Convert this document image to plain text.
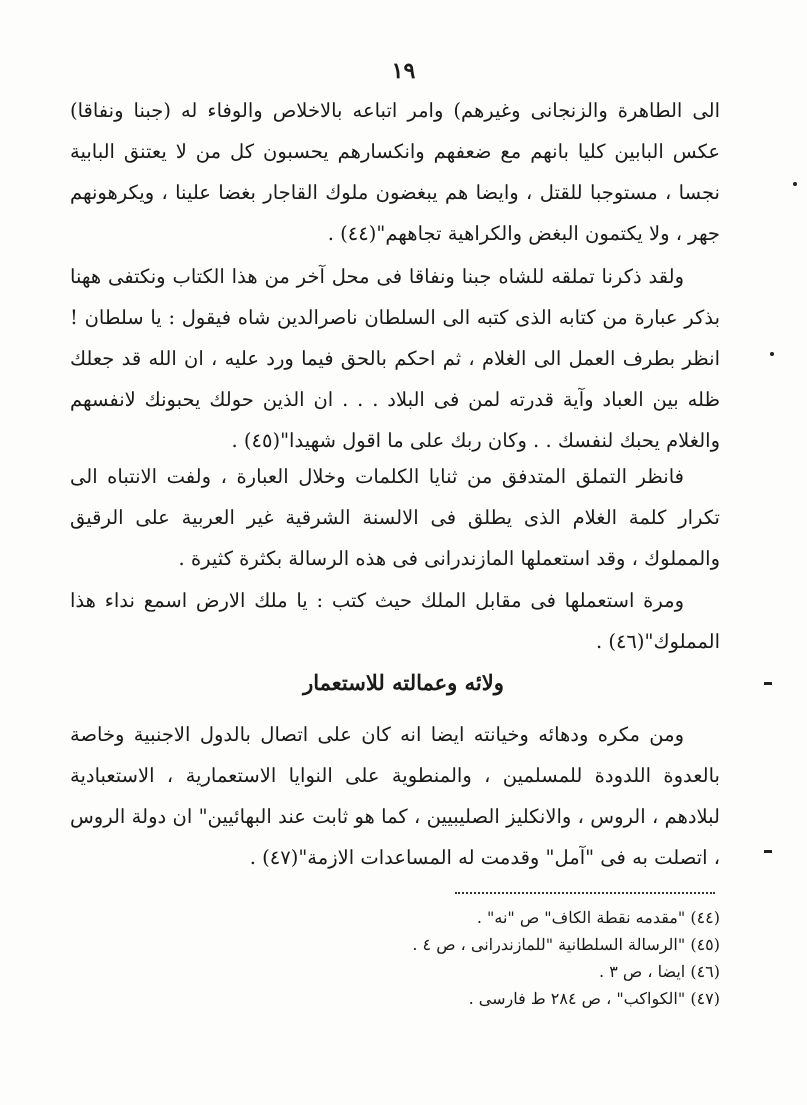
١٩
الى الطاهرة والزنجانى وغيرهم) وامر اتباعه بالاخلاص والوفاء له (جبنا ونفاقا) عكس البابين كليا بانهم مع ضعفهم وانكسارهم يحسبون كل من لا يعتنق البابية نجسا ، مستوجبا للقتل ، وايضا هم يبغضون ملوك القاجار بغضا علينا ، ويكرهونهم جهر ، ولا يكتمون البغض والكراهية تجاههم"(٤٤) .
ولقد ذكرنا تملقه للشاه جبنا ونفاقا فى محل آخر من هذا الكتاب ونكتفى ههنا بذكر عبارة من كتابه الذى كتبه الى السلطان ناصرالدين شاه فيقول : يا سلطان ! انظر بطرف العمل الى الغلام ، ثم احكم بالحق فيما ورد عليه ، ان الله قد جعلك ظله بين العباد وآية قدرته لمن فى البلاد . . . ان الذين حولك يحبونك لانفسهم والغلام يحبك لنفسك . . وكان ربك على ما اقول شهيدا"(٤٥) .
فانظر التملق المتدفق من ثنايا الكلمات وخلال العبارة ، ولفت الانتباه الى تكرار كلمة الغلام الذى يطلق فى الالسنة الشرقية غير العربية على الرقيق والمملوك ، وقد استعملها المازندرانى فى هذه الرسالة بكثرة كثيرة .
ومرة استعملها فى مقابل الملك حيث كتب : يا ملك الارض اسمع نداء هذا المملوك"(٤٦) .
ولائه وعمالته للاستعمار
ومن مكره ودهائه وخيانته ايضا انه كان على اتصال بالدول الاجنبية وخاصة بالعدوة اللدودة للمسلمين ، والمنطوية على النوايا الاستعمارية ، الاستعبادية لبلادهم ، الروس ، والانكليز الصليبيين ، كما هو ثابت عند البهائيين" ان دولة الروس ، اتصلت به فى "آمل" وقدمت له المساعدات الازمة"(٤٧) .
(٤٤) "مقدمه نقطة الكاف" ص "نه" .
(٤٥) "الرسالة السلطانية "للمازندرانى ، ص ٤ .
(٤٦) ايضا ، ص ٣ .
(٤٧) "الكواكب" ، ص ٢٨٤ ط فارسى .
